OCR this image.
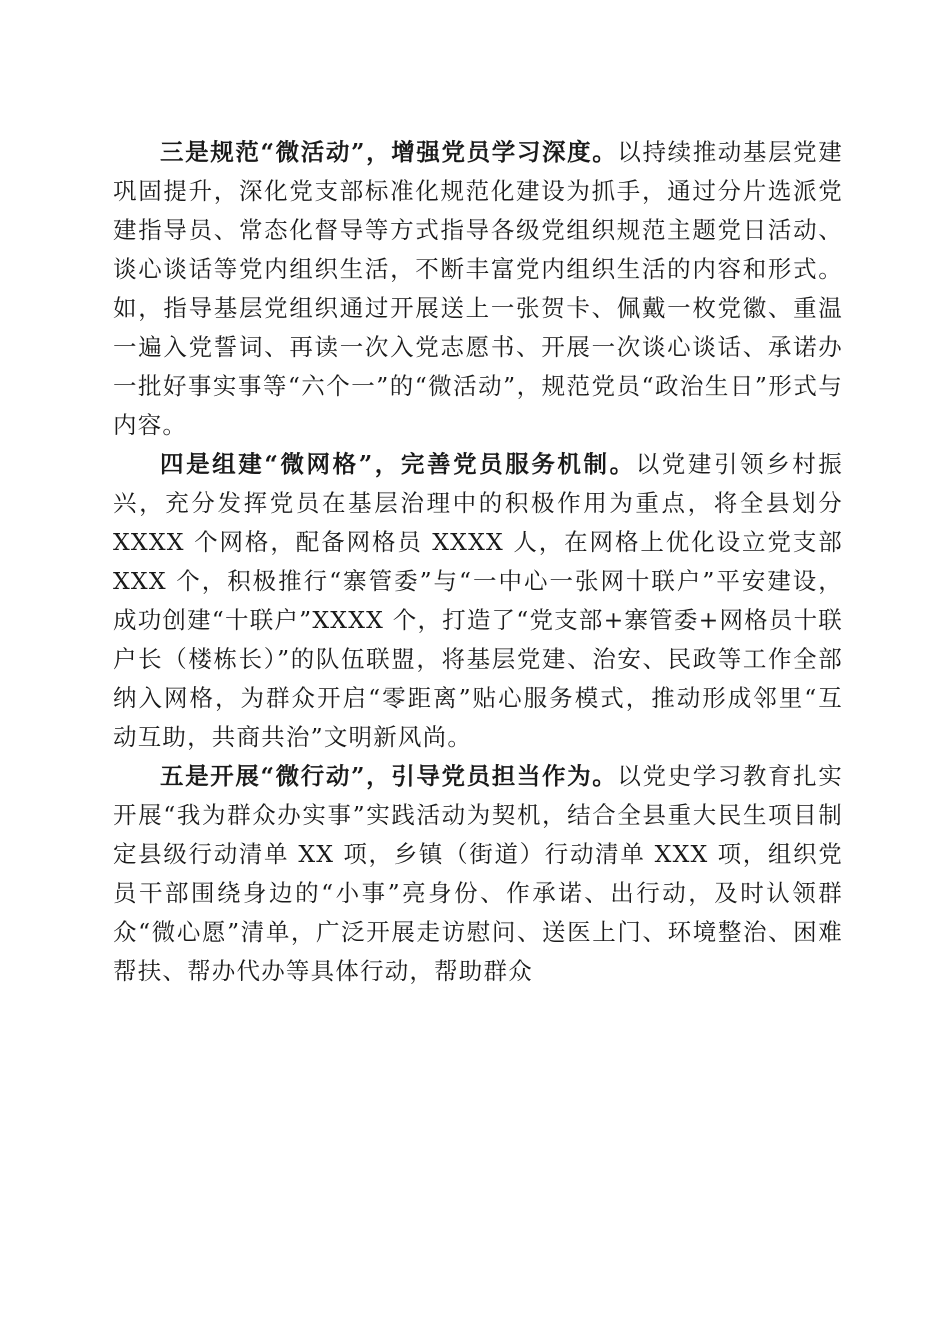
三是规范“微活动”，增强党员学习深度。以持续推动基层党建巩固提升，深化党支部标准化规范化建设为抓手，通过分片选派党建指导员、常态化督导等方式指导各级党组织规范主题党日活动、谈心谈话等党内组织生活，不断丰富党内组织生活的内容和形式。如，指导基层党组织通过开展送上一张贺卡、佩戴一枚党徽、重温一遍入党誓词、再读一次入党志愿书、开展一次谈心谈话、承诺办一批好事实事等“六个一”的“微活动”，规范党员“政治生日”形式与内容。

四是组建“微网格”，完善党员服务机制。以党建引领乡村振兴，充分发挥党员在基层治理中的积极作用为重点，将全县划分 XXXX 个网格，配备网格员 XXXX 人，在网格上优化设立党支部 XXX 个，积极推行“寨管委”与“一中心一张网十联户”平安建设，成功创建“十联户”XXXX 个，打造了“党支部+寨管委+网格员十联户长（楼栋长）”的队伍联盟，将基层党建、治安、民政等工作全部纳入网格，为群众开启“零距离”贴心服务模式，推动形成邻里“互动互助，共商共治”文明新风尚。

五是开展“微行动”，引导党员担当作为。以党史学习教育扎实开展“我为群众办实事”实践活动为契机，结合全县重大民生项目制定县级行动清单 XX 项，乡镇（街道）行动清单 XXX 项，组织党员干部围绕身边的“小事”亮身份、作承诺、出行动，及时认领群众“微心愿”清单，广泛开展走访慰问、送医上门、环境整治、困难帮扶、帮办代办等具体行动，帮助群众
